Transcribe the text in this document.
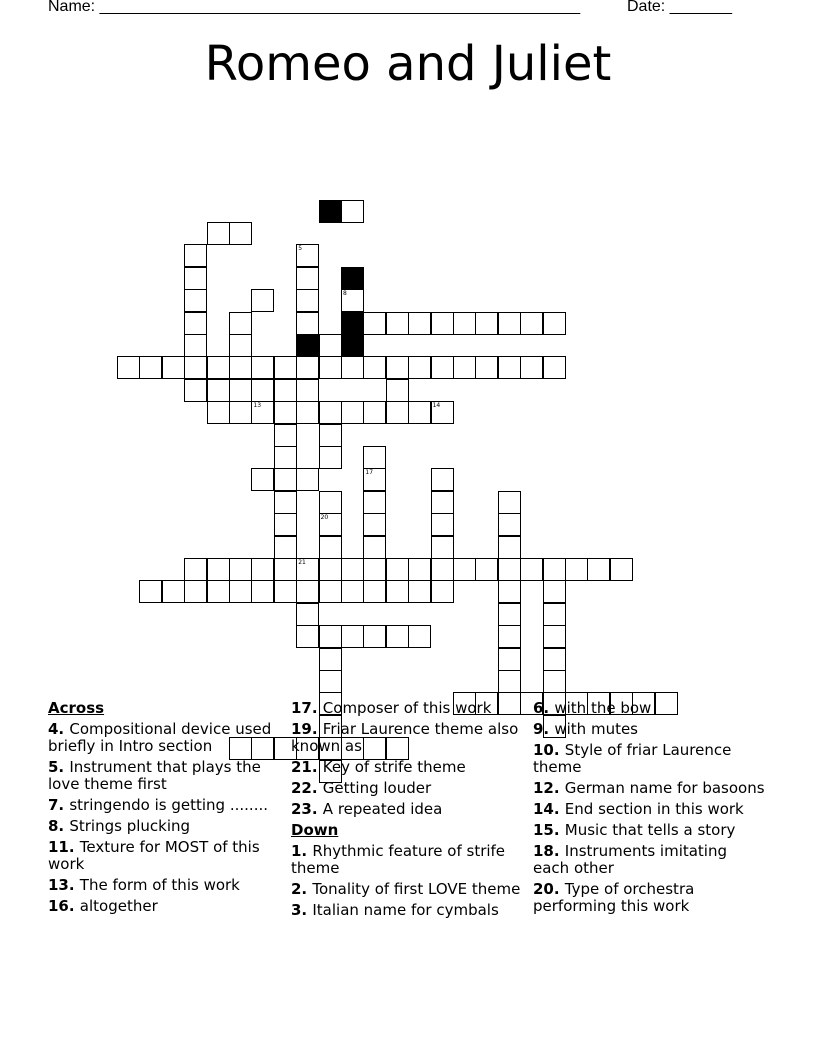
Name: ______________________________________________________

	Date: _______

Romeo and Juliet
5
8
13	14
17
20
21
Across
4. Compositional device used briefly in Intro section
5. Instrument that plays the love theme first
7. stringendo is getting ........
8. Strings plucking
11. Texture for MOST of this work
13. The form of this work
16. altogether
17. Composer of this work
19. Friar Laurence theme also known as
21. Key of strife theme
22. Getting louder
23. A repeated idea
Down
1. Rhythmic feature of strife theme
2. Tonality of first LOVE theme
3. Italian name for cymbals
6. with the bow
9. with mutes
10. Style of friar Laurence theme
12. German name for basoons
14. End section in this work
15. Music that tells a story
18. Instruments imitating each other
20. Type of orchestra performing this work
